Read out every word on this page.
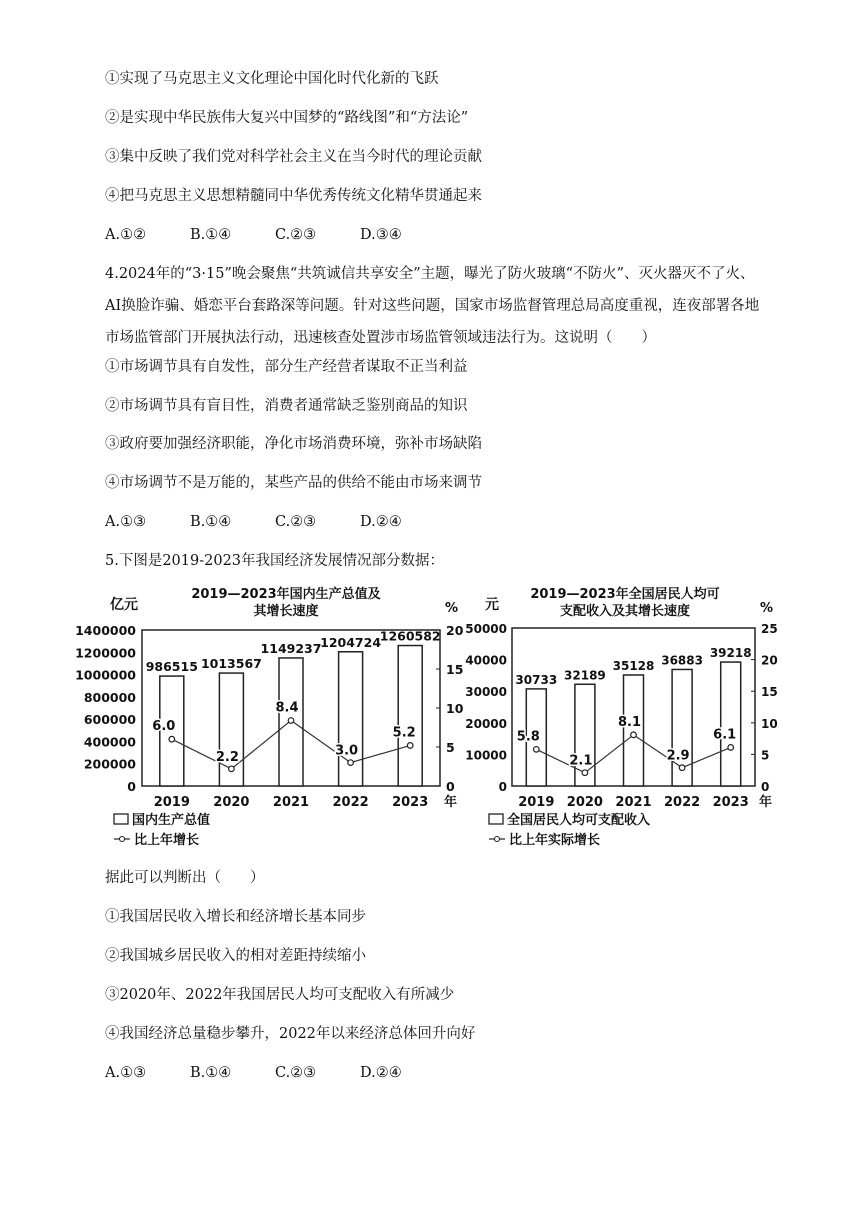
①实现了马克思主义文化理论中国化时代化新的飞跃
②是实现中华民族伟大复兴中国梦的“路线图”和“方法论”
③集中反映了我们党对科学社会主义在当今时代的理论贡献
④把马克思主义思想精髓同中华优秀传统文化精华贯通起来
A.①②	B.①④	C.②③	D.③④
4.2024年的“3·15”晚会聚焦“共筑诚信共享安全”主题，曝光了防火玻璃“不防火”、灭火器灭不了火、AI换脸诈骗、婚恋平台套路深等问题。针对这些问题，国家市场监督管理总局高度重视，连夜部署各地市场监管部门开展执法行动，迅速核查处置涉市场监管领域违法行为。这说明（　　）
①市场调节具有自发性，部分生产经营者谋取不正当利益
②市场调节具有盲目性，消费者通常缺乏鉴别商品的知识
③政府要加强经济职能，净化市场消费环境，弥补市场缺陷
④市场调节不是万能的，某些产品的供给不能由市场来调节
A.①③	B.①④	C.②③	D.②④
5.下图是2019-2023年我国经济发展情况部分数据：
2019—2023年国内生产总值及
其增长速度
亿元	%
年
0
200000
400000
600000
800000
1000000
1200000
1400000
0
5
10
15
20
986515
2019
1013567
2020
1149237
2021
1204724
2022
1260582
2023
6.0
2.2
8.4
3.0
5.2
国内生产总值
比上年增长
2019—2023年全国居民人均可
支配收入及其增长速度
元	%
年
0
10000
20000
30000
40000
50000
0
5
10
15
20
25
30733
2019
32189
2020
35128
2021
36883
2022
39218
2023
5.8
2.1
8.1
2.9
6.1
全国居民人均可支配收入
比上年实际增长
据此可以判断出（　　）
①我国居民收入增长和经济增长基本同步
②我国城乡居民收入的相对差距持续缩小
③2020年、2022年我国居民人均可支配收入有所减少
④我国经济总量稳步攀升，2022年以来经济总体回升向好
A.①③	B.①④	C.②③	D.②④
